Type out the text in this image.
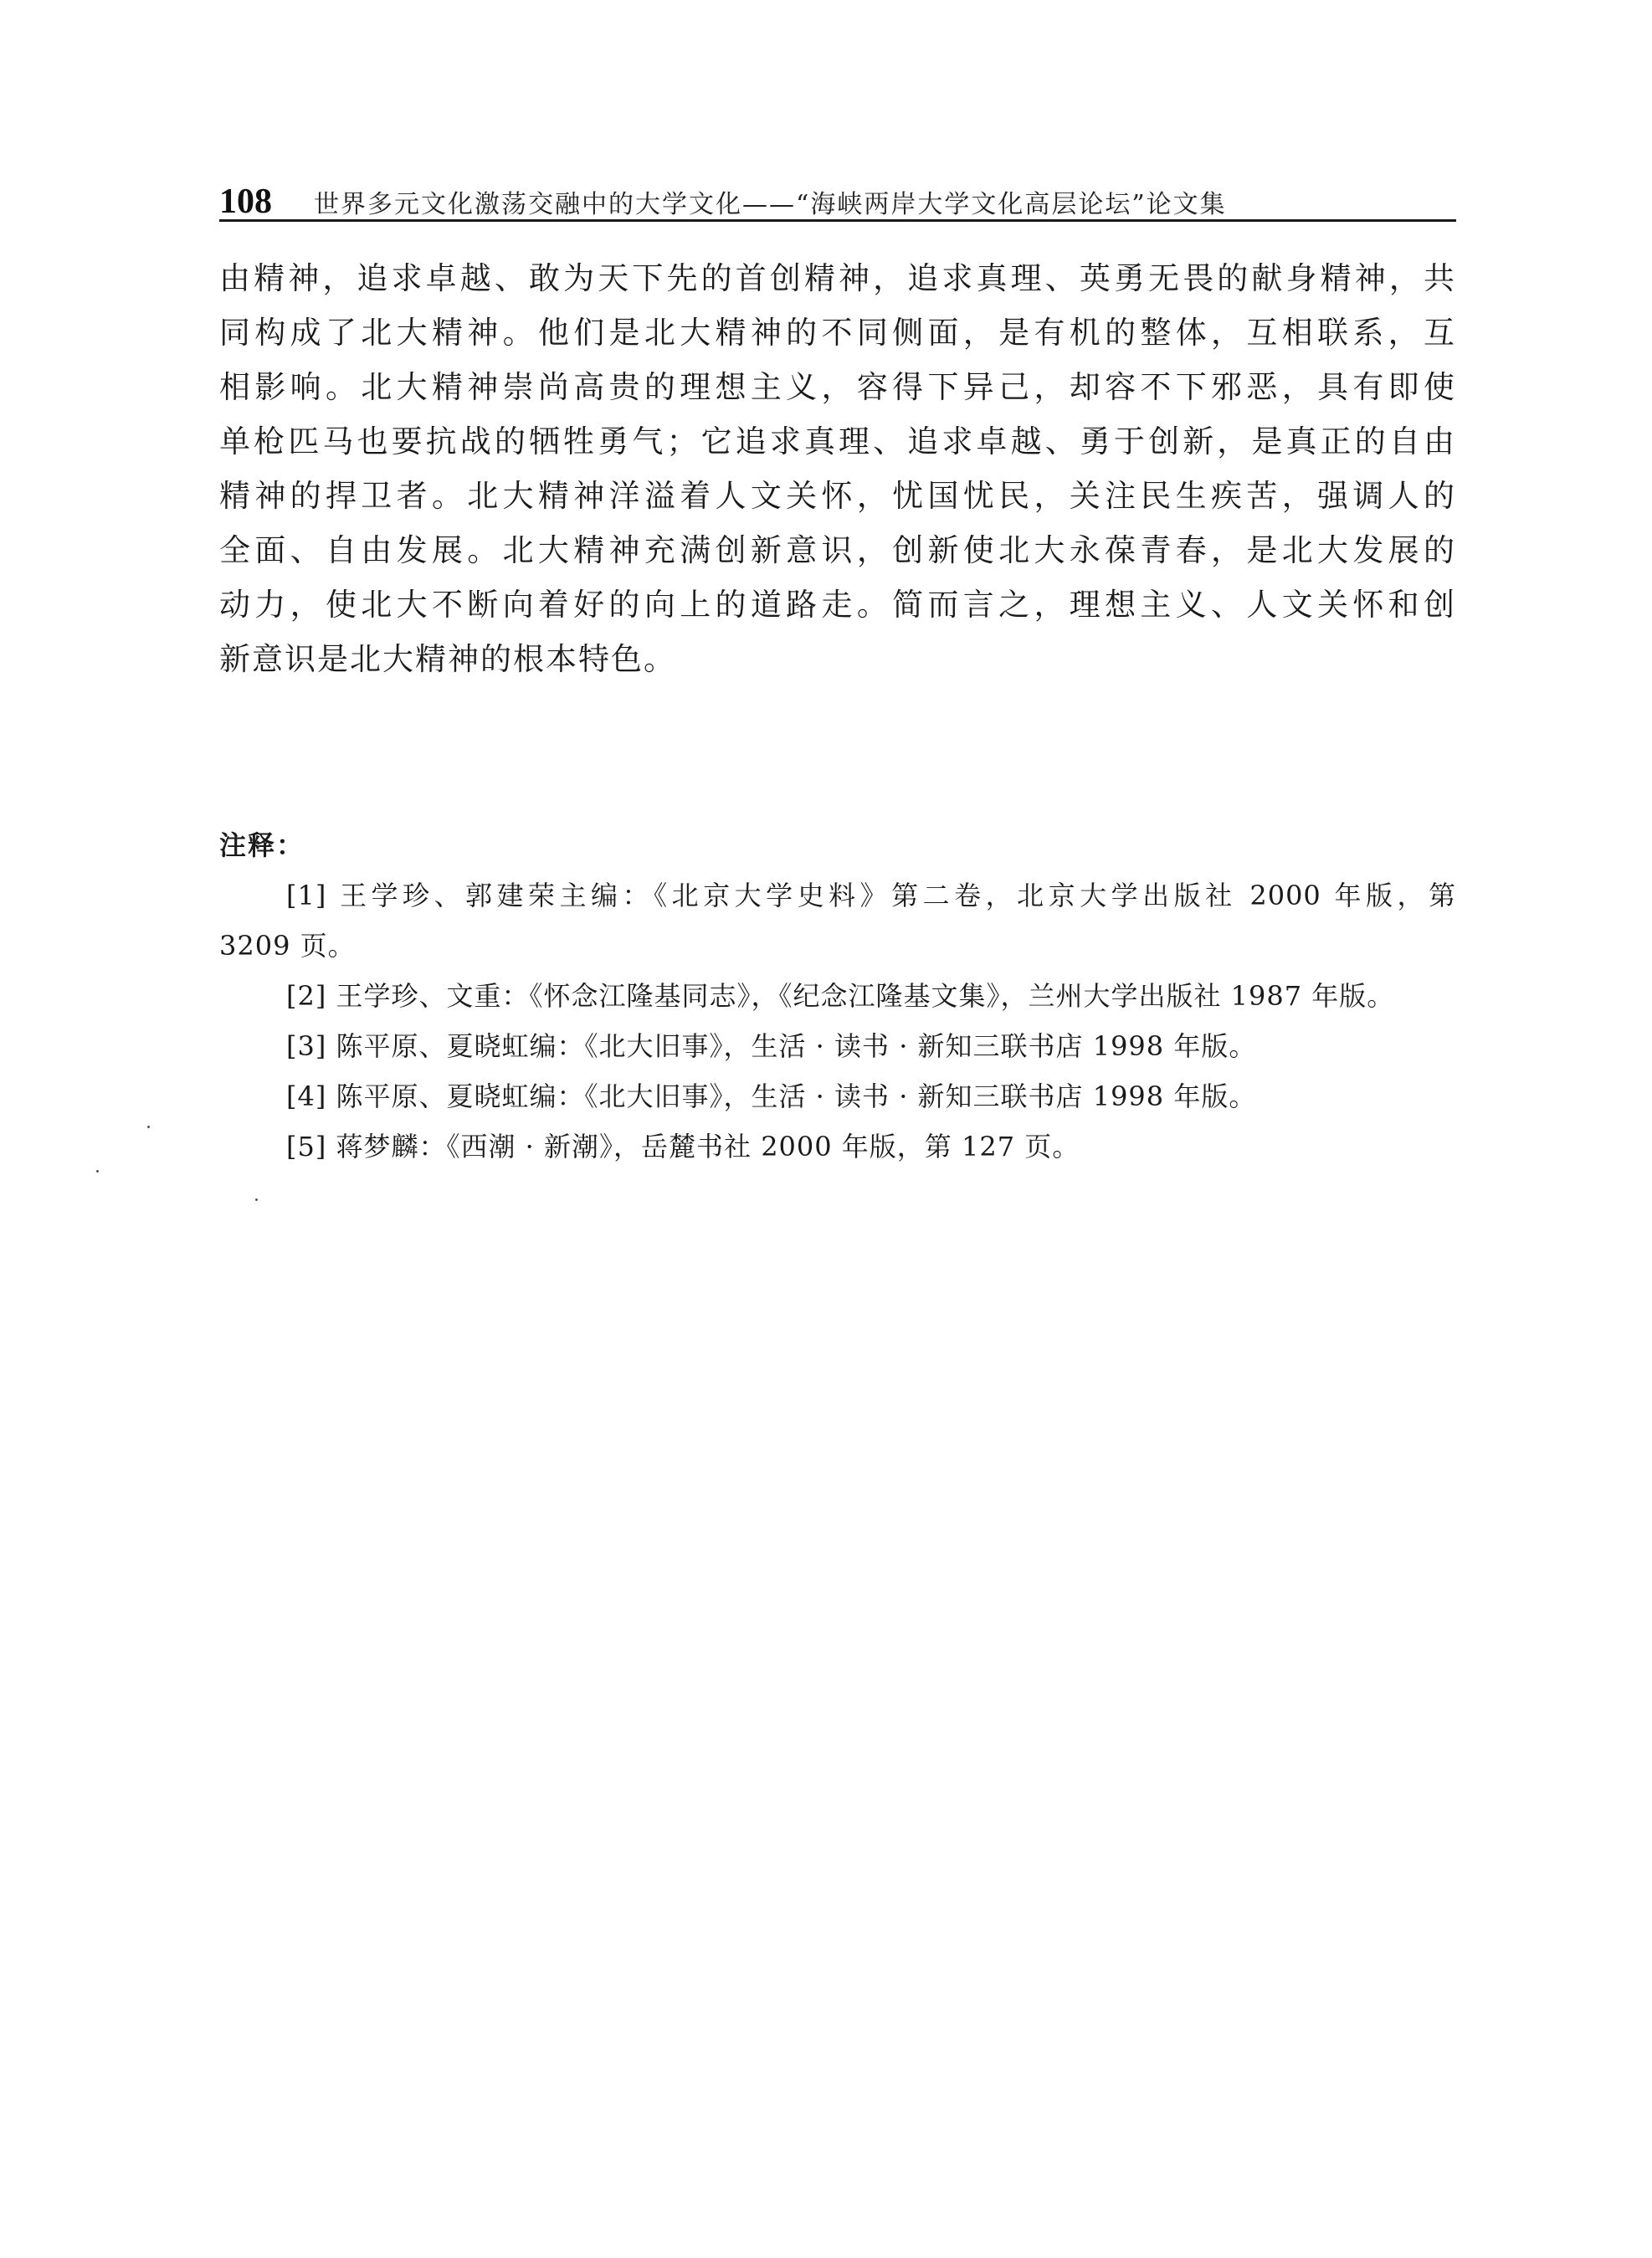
108 世界多元文化激荡交融中的大学文化——“海峡两岸大学文化高层论坛”论文集
由精神，追求卓越、敢为天下先的首创精神，追求真理、英勇无畏的献身精神，共
同构成了北大精神。他们是北大精神的不同侧面，是有机的整体，互相联系，互
相影响。北大精神崇尚高贵的理想主义，容得下异己，却容不下邪恶，具有即使
单枪匹马也要抗战的牺牲勇气；它追求真理、追求卓越、勇于创新，是真正的自由
精神的捍卫者。北大精神洋溢着人文关怀，忧国忧民，关注民生疾苦，强调人的
全面、自由发展。北大精神充满创新意识，创新使北大永葆青春，是北大发展的
动力，使北大不断向着好的向上的道路走。简而言之，理想主义、人文关怀和创
新意识是北大精神的根本特色。
注释：
[1] 王学珍、郭建荣主编：《北京大学史料》第二卷，北京大学出版社 2000 年版，第
3209 页。
[2] 王学珍、文重：《怀念江隆基同志》，《纪念江隆基文集》，兰州大学出版社 1987 年版。
[3] 陈平原、夏晓虹编：《北大旧事》，生活 · 读书 · 新知三联书店 1998 年版。
[4] 陈平原、夏晓虹编：《北大旧事》，生活 · 读书 · 新知三联书店 1998 年版。
[5] 蒋梦麟：《西潮 · 新潮》，岳麓书社 2000 年版，第 127 页。
